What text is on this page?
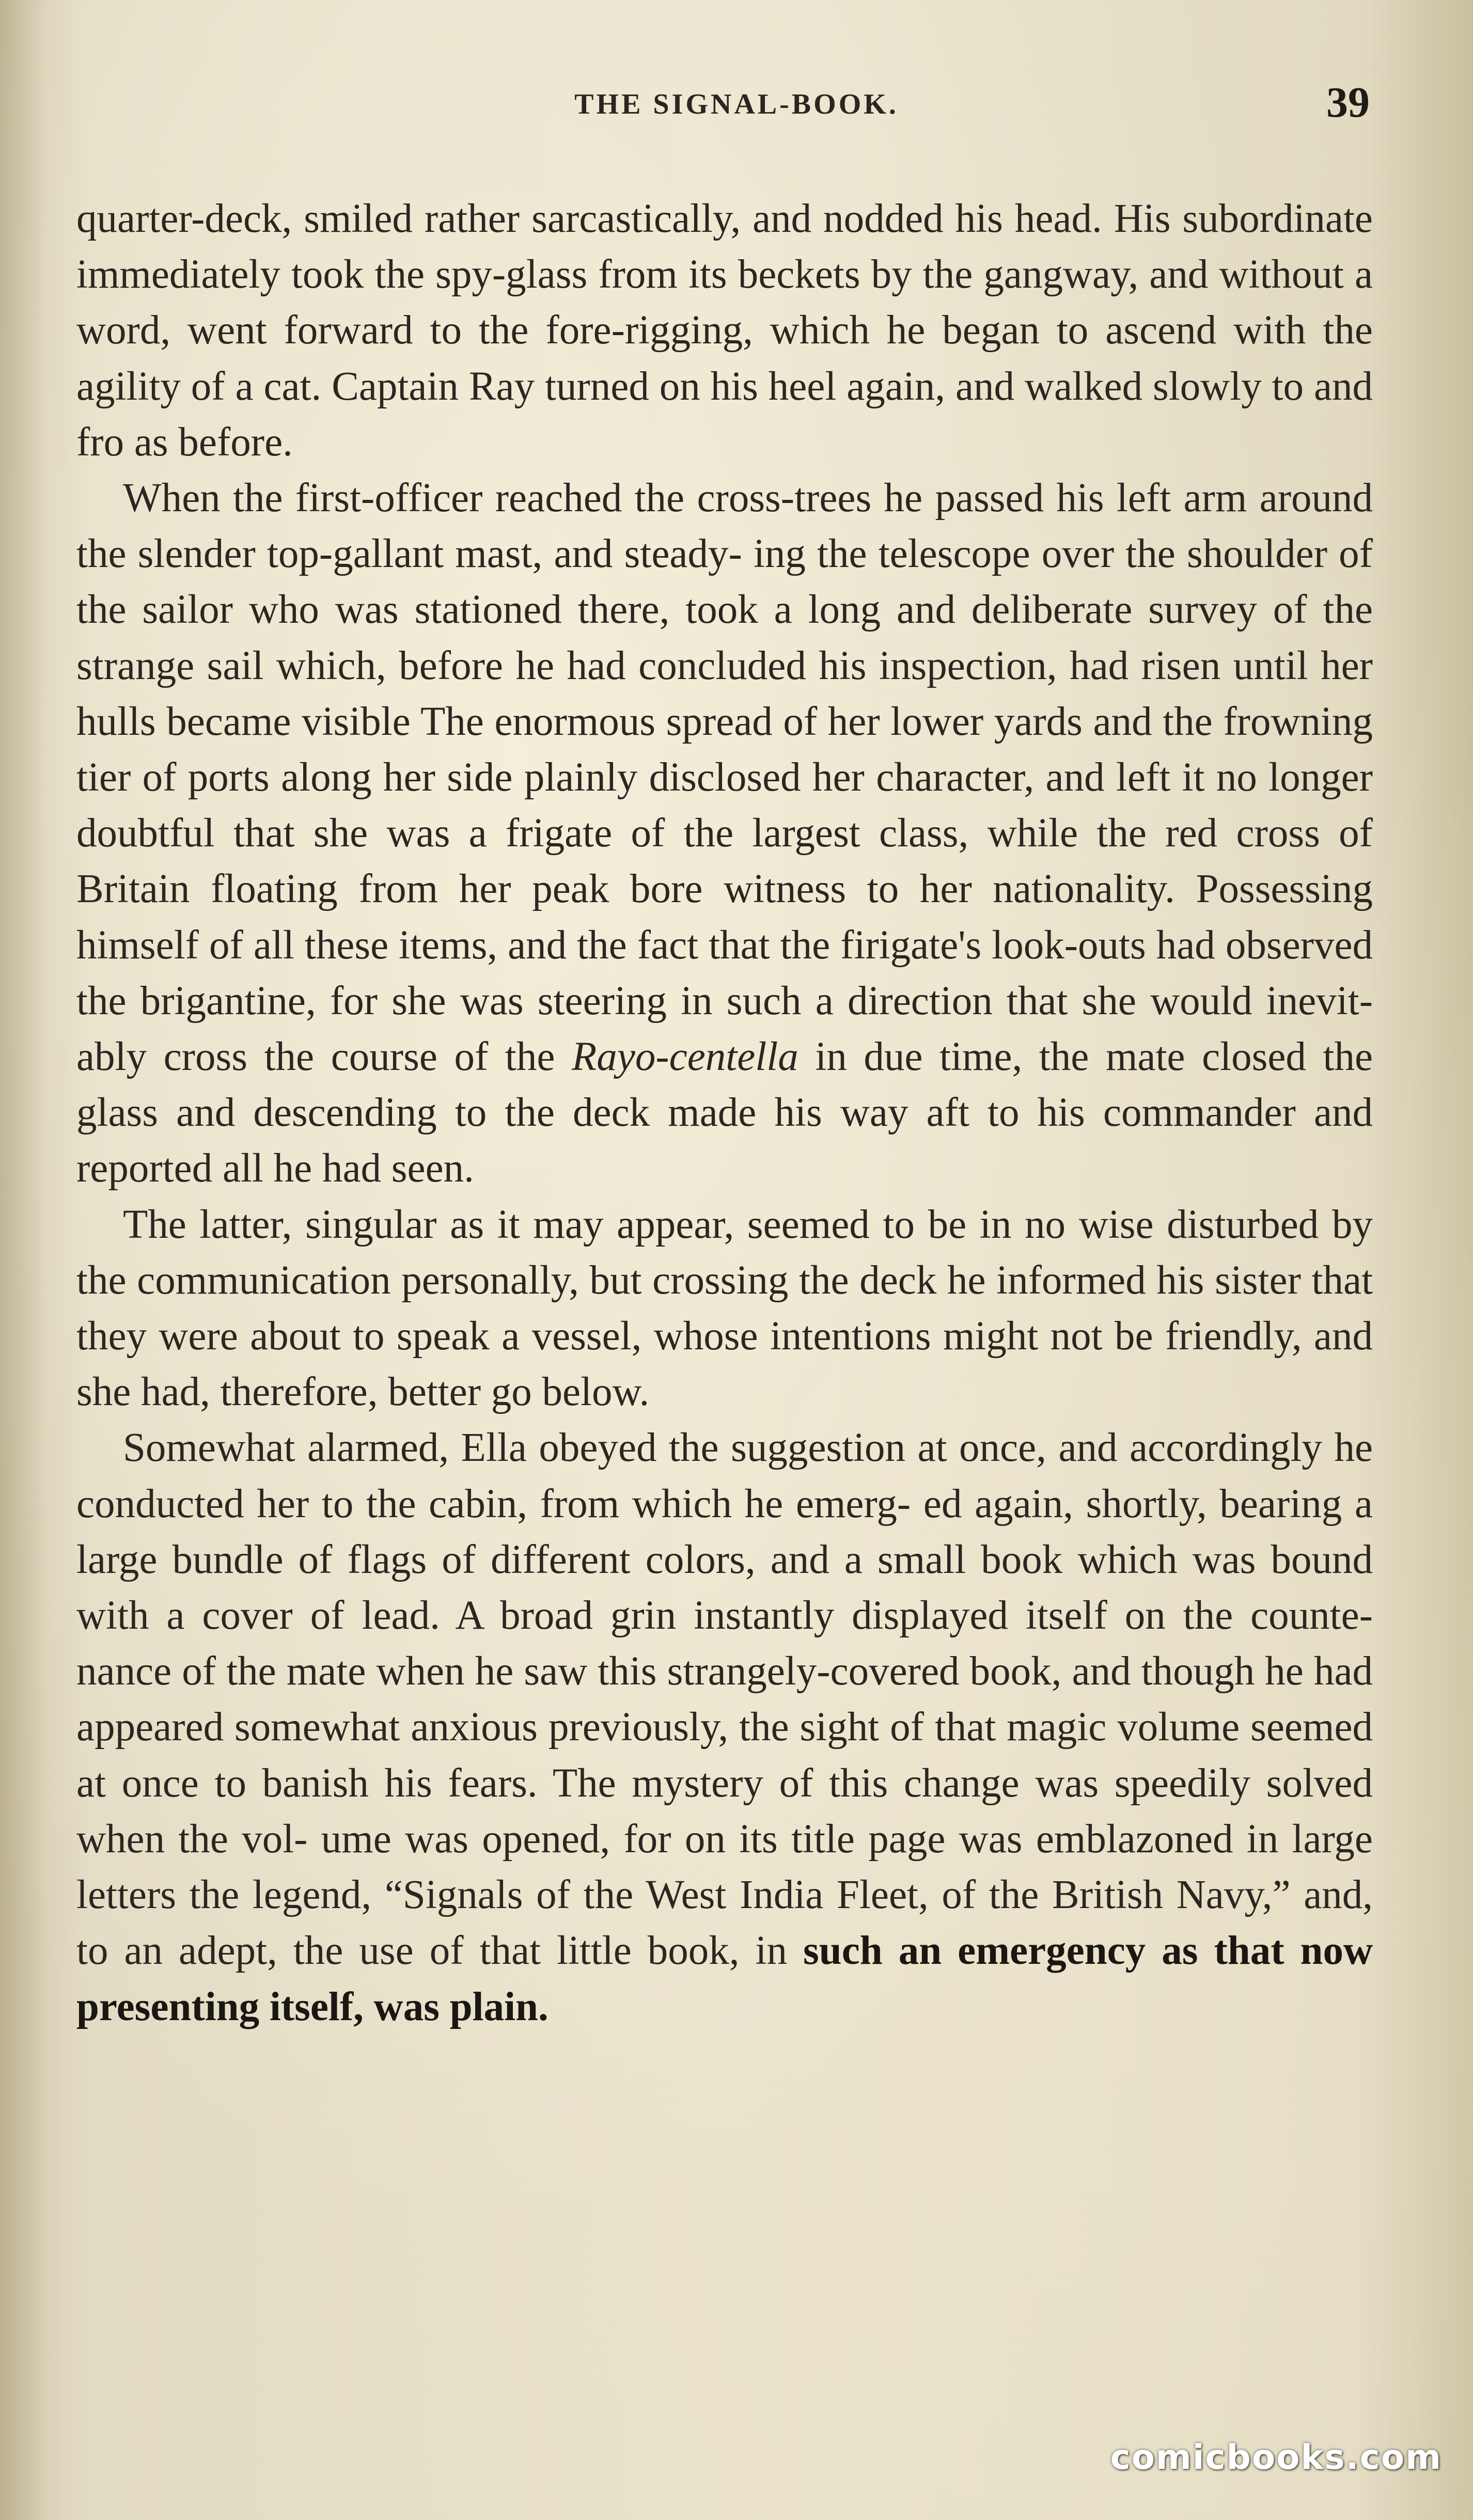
THE SIGNAL-BOOK.	39

quarter-deck, smiled rather sarcastically, and nodded his head. His subordinate immediately took the spy-glass from its beckets by the gangway, and without a word, went forward to the fore-rigging, which he began to ascend with the agility of a cat. Captain Ray turned on his heel again, and walked slowly to and fro as before.

When the first-officer reached the cross-trees he passed his left arm around the slender top-gallant mast, and steady- ing the telescope over the shoulder of the sailor who was stationed there, took a long and deliberate survey of the strange sail which, before he had concluded his inspection, had risen until her hulls became visible The enormous spread of her lower yards and the frowning tier of ports along her side plainly disclosed her character, and left it no longer doubtful that she was a frigate of the largest class, while the red cross of Britain floating from her peak bore witness to her nationality. Possessing himself of all these items, and the fact that the firigate's look-outs had observed the brigantine, for she was steering in such a direction that she would inevit- ably cross the course of the Rayo-centella in due time, the mate closed the glass and descending to the deck made his way aft to his commander and reported all he had seen.

The latter, singular as it may appear, seemed to be in no wise disturbed by the communication personally, but crossing the deck he informed his sister that they were about to speak a vessel, whose intentions might not be friendly, and she had, therefore, better go below.

Somewhat alarmed, Ella obeyed the suggestion at once, and accordingly he conducted her to the cabin, from which he emerg- ed again, shortly, bearing a large bundle of flags of different colors, and a small book which was bound with a cover of lead. A broad grin instantly displayed itself on the counte- nance of the mate when he saw this strangely-covered book, and though he had appeared somewhat anxious previously, the sight of that magic volume seemed at once to banish his fears. The mystery of this change was speedily solved when the vol- ume was opened, for on its title page was emblazoned in large letters the legend, “Signals of the West India Fleet, of the British Navy,” and, to an adept, the use of that little book, in such an emergency as that now presenting itself, was plain.

comicbooks.com
